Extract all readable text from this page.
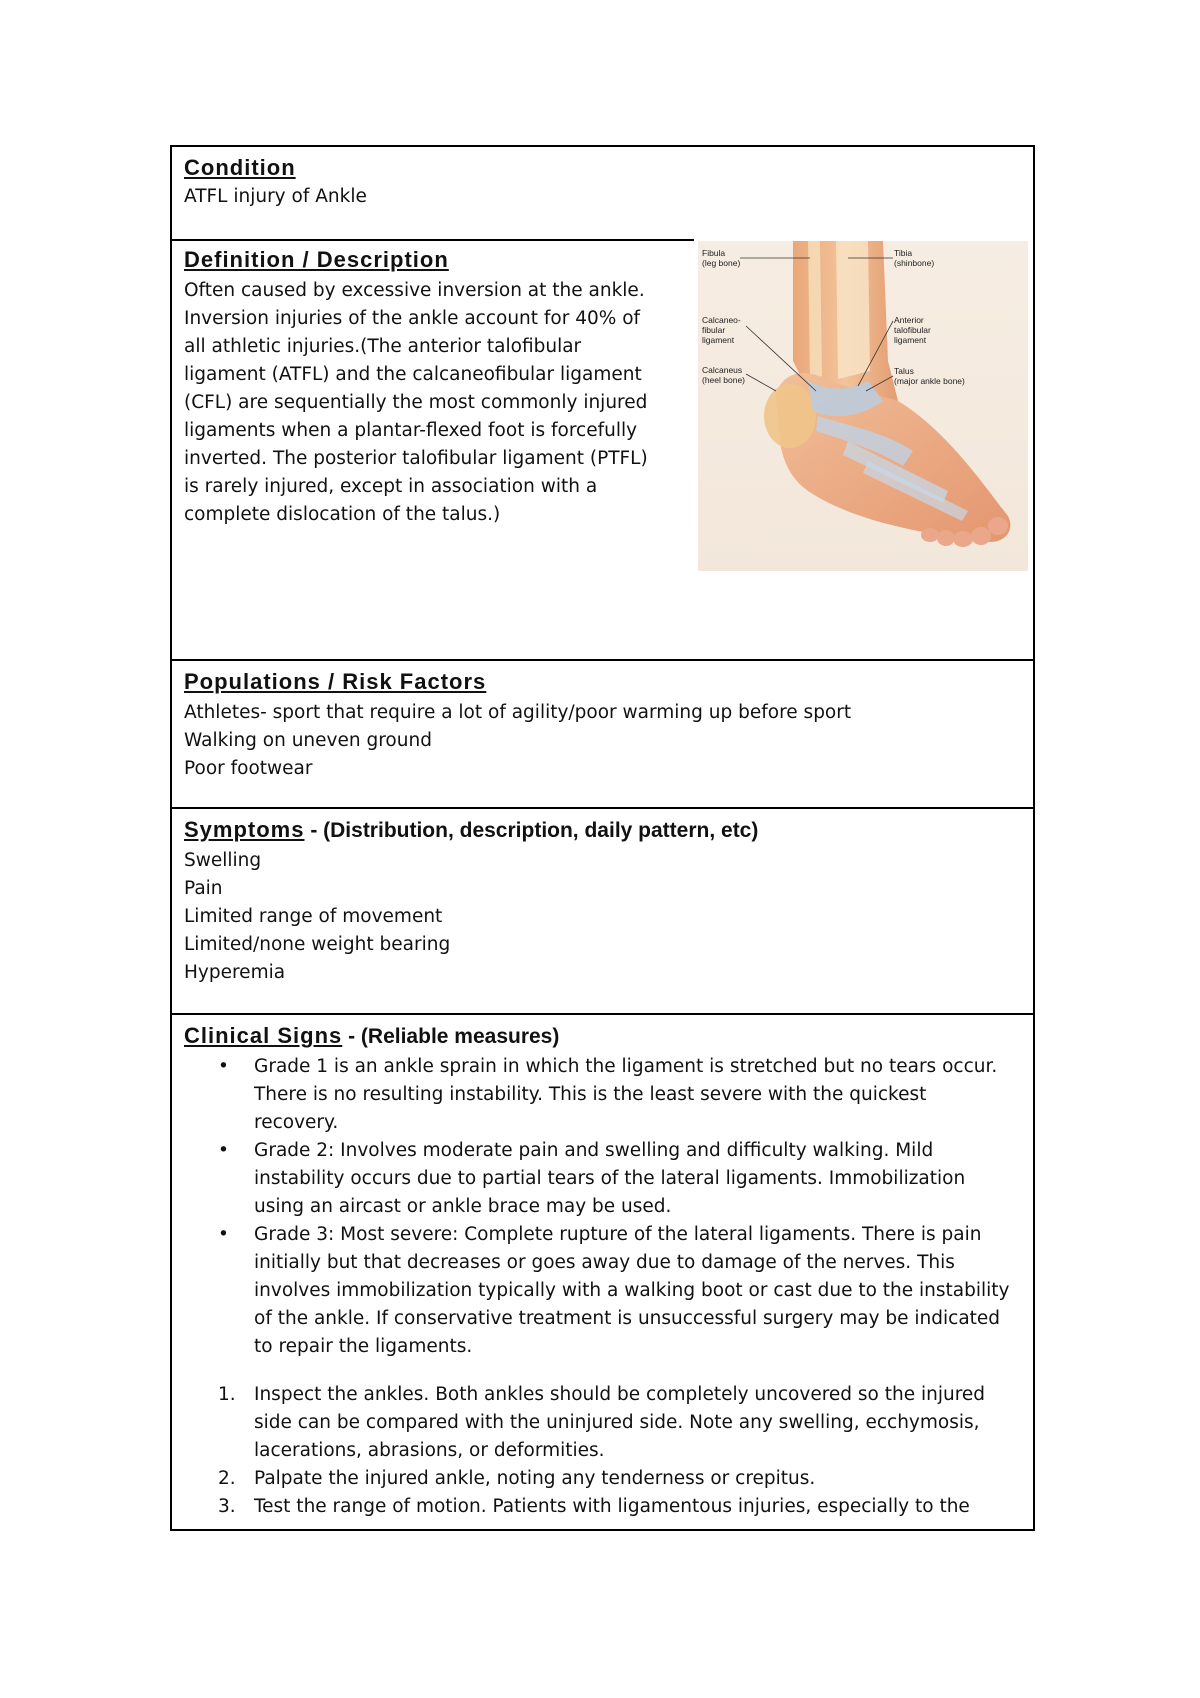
Condition
ATFL injury of Ankle
Definition / Description
Often caused by excessive inversion at the ankle.
Inversion injuries of the ankle account for 40% of
all athletic injuries.(The anterior talofibular
ligament (ATFL) and the calcaneofibular ligament
(CFL) are sequentially the most commonly injured
ligaments when a plantar-flexed foot is forcefully
inverted. The posterior talofibular ligament (PTFL)
is rarely injured, except in association with a
complete dislocation of the talus.)
Fibula
(leg bone)
Tibia
(shinbone)
Calcaneo-
fibular
ligament
Anterior
talofibular
ligament
Calcaneus
(heel bone)
Talus
(major ankle bone)
Populations / Risk Factors
Athletes- sport that require a lot of agility/poor warming up before sport
Walking on uneven ground
Poor footwear
Symptoms - (Distribution, description, daily pattern, etc)
Swelling
Pain
Limited range of movement
Limited/none weight bearing
Hyperemia
Clinical Signs - (Reliable measures)
• Grade 1 is an ankle sprain in which the ligament is stretched but no tears occur.
There is no resulting instability. This is the least severe with the quickest
recovery.
• Grade 2: Involves moderate pain and swelling and difficulty walking. Mild
instability occurs due to partial tears of the lateral ligaments. Immobilization
using an aircast or ankle brace may be used.
• Grade 3: Most severe: Complete rupture of the lateral ligaments. There is pain
initially but that decreases or goes away due to damage of the nerves. This
involves immobilization typically with a walking boot or cast due to the instability
of the ankle. If conservative treatment is unsuccessful surgery may be indicated
to repair the ligaments.
1. Inspect the ankles. Both ankles should be completely uncovered so the injured
side can be compared with the uninjured side. Note any swelling, ecchymosis,
lacerations, abrasions, or deformities.
2. Palpate the injured ankle, noting any tenderness or crepitus.
3. Test the range of motion. Patients with ligamentous injuries, especially to the
